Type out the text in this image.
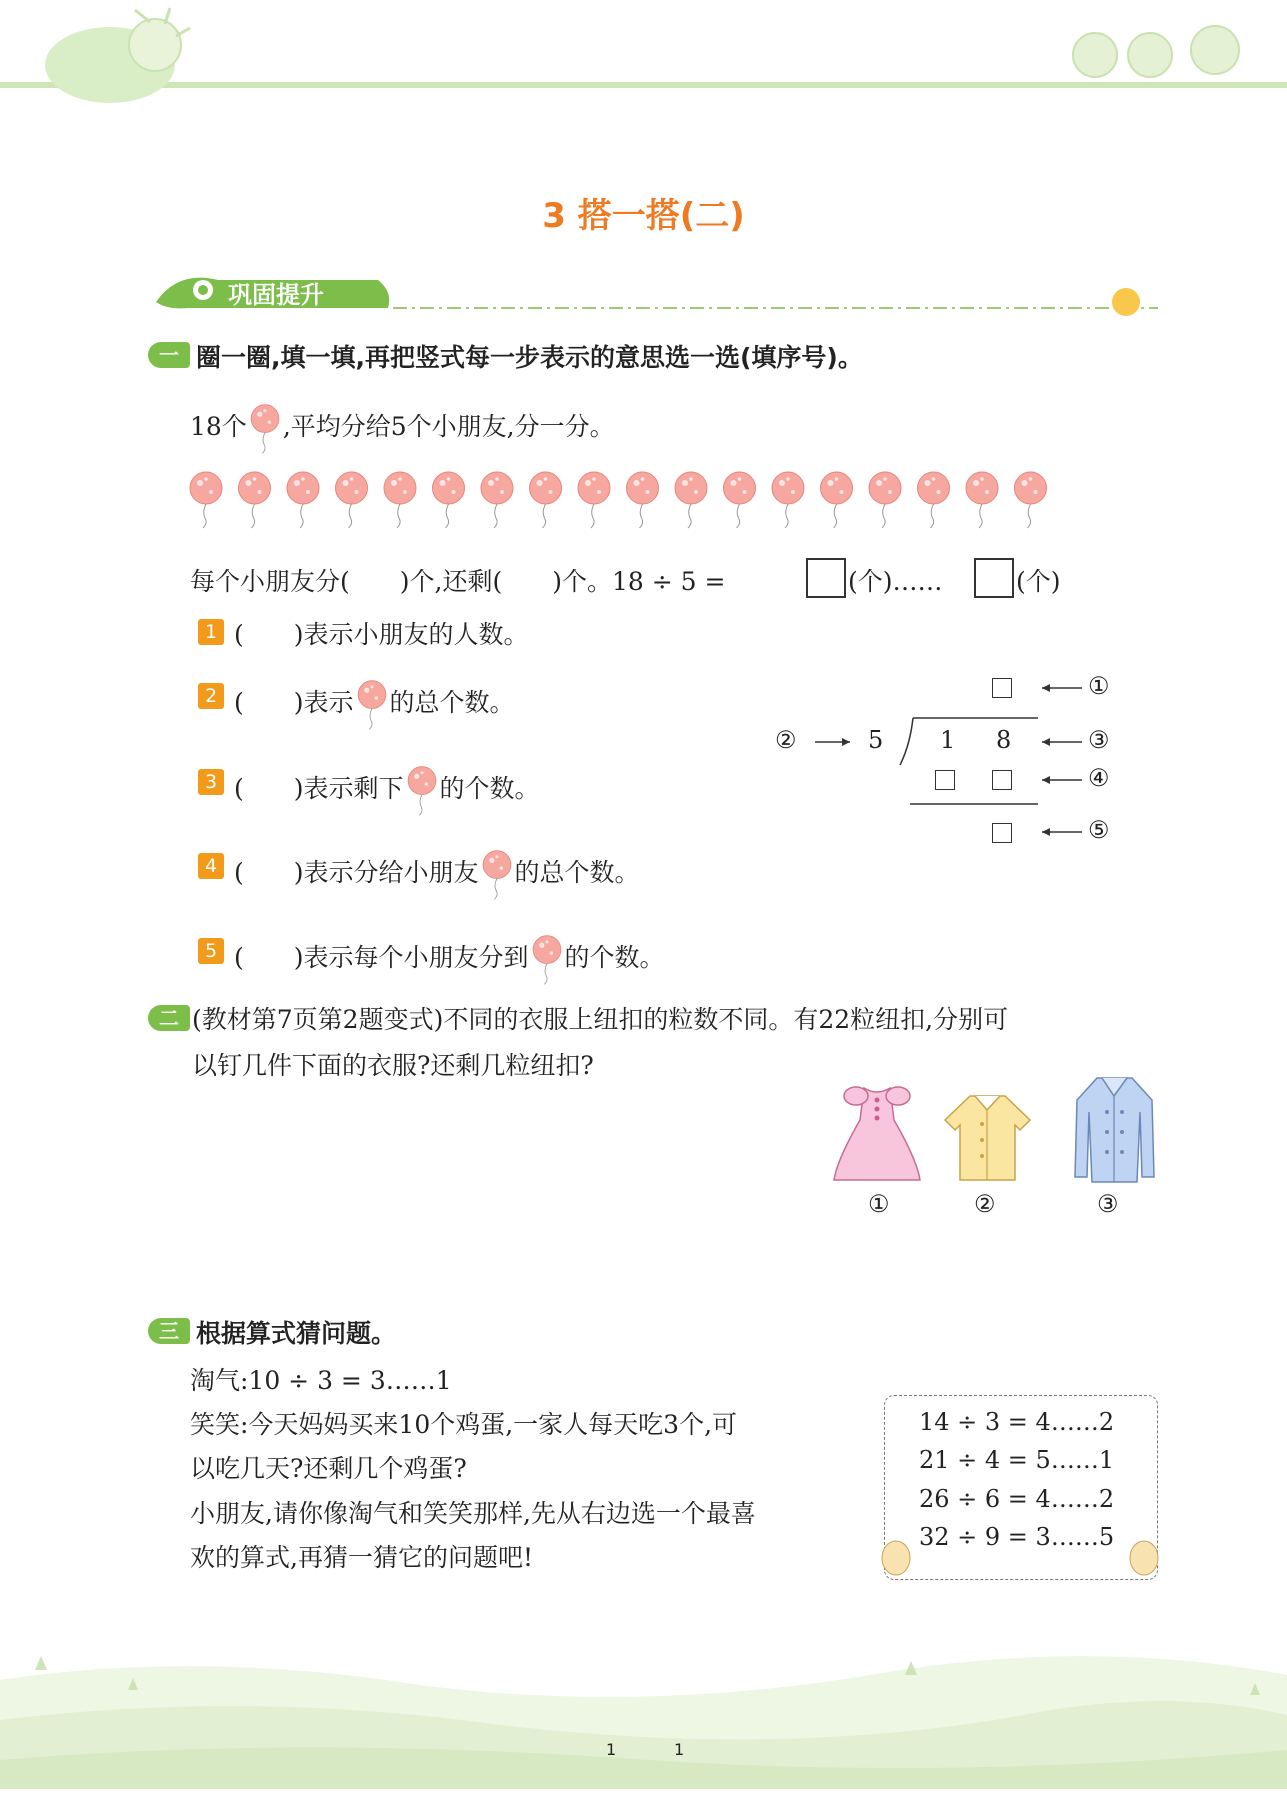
3 搭一搭(二)
巩固提升
一 圈一圈,填一填,再把竖式每一步表示的意思选一选(填序号)。
18个 ,平均分给5个小朋友,分一分。
每个小朋友分(　　)个,还剩(　　)个。18 ÷ 5 =	(个)……	(个)
1 (　　)表示小朋友的人数。
2 (　　)表示 的总个数。
3 (　　)表示剩下 的个数。
4 (　　)表示分给小朋友 的总个数。
5 (　　)表示每个小朋友分到 的个数。
①
②	5 1 8	③
④
⑤
二 (教材第7页第2题变式)不同的衣服上纽扣的粒数不同。有22粒纽扣,分别可
以钉几件下面的衣服?还剩几粒纽扣?
①	②	③
三 根据算式猜问题。
淘气:10 ÷ 3 = 3……1
笑笑:今天妈妈买来10个鸡蛋,一家人每天吃3个,可
以吃几天?还剩几个鸡蛋?
小朋友,请你像淘气和笑笑那样,先从右边选一个最喜
欢的算式,再猜一猜它的问题吧!
14 ÷ 3 = 4……2
21 ÷ 4 = 5……1
26 ÷ 6 = 4……2
32 ÷ 9 = 3……5
1	1
